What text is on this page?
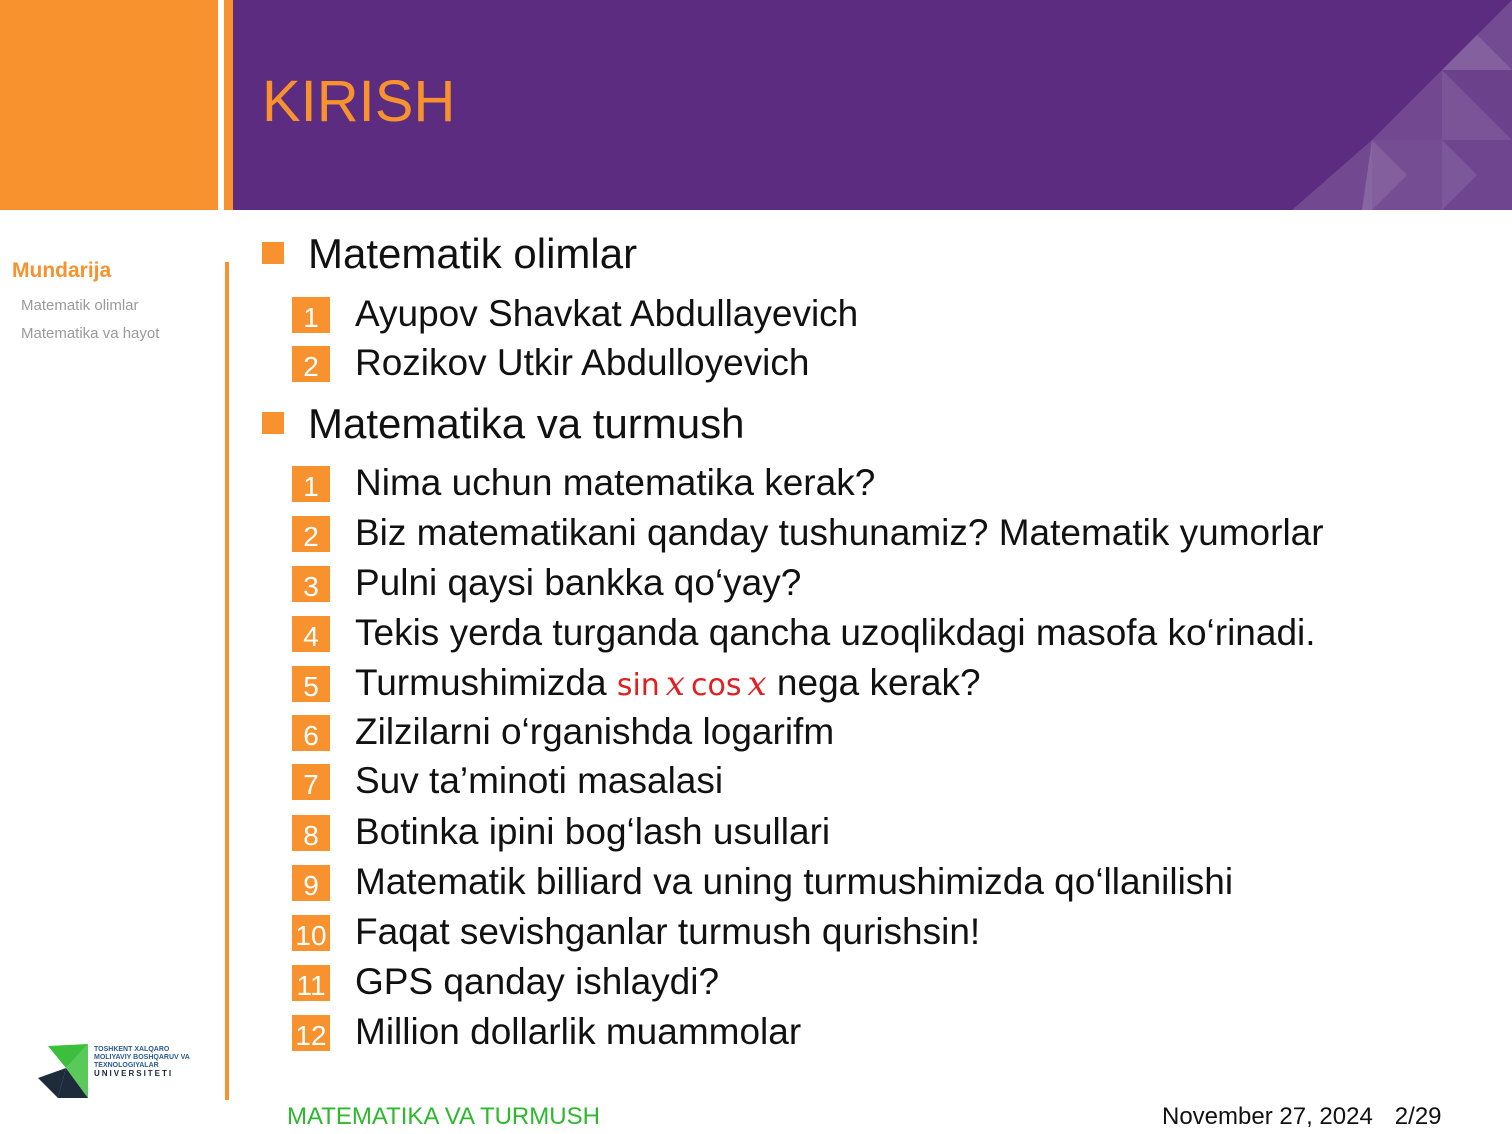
KIRISH
Mundarija
Matematik olimlar
Matematika va hayot
Matematik olimlar
1 Ayupov Shavkat Abdullayevich
2 Rozikov Utkir Abdulloyevich
Matematika va turmush
1 Nima uchun matematika kerak?
2 Biz matematikani qanday tushunamiz? Matematik yumorlar
3 Pulni qaysi bankka qo‘yay?
4 Tekis yerda turganda qancha uzoqlikdagi masofa ko‘rinadi.
5 Turmushimizda sin  x  cos  x nega kerak?
6 Zilzilarni o‘rganishda logarifm
7 Suv ta’minoti masalasi
8 Botinka ipini bog‘lash usullari
9 Matematik billiard va uning turmushimizda qo‘llanilishi
10 Faqat sevishganlar turmush qurishsin!
11 GPS qanday ishlaydi?
12 Million dollarlik muammolar
TOSHKENT XALQARO
MOLIYAVIY BOSHQARUV VA
TEXNOLOGIYALAR
UNIVERSITETI
MATEMATIKA VA TURMUSH	November 27, 2024 2/29
